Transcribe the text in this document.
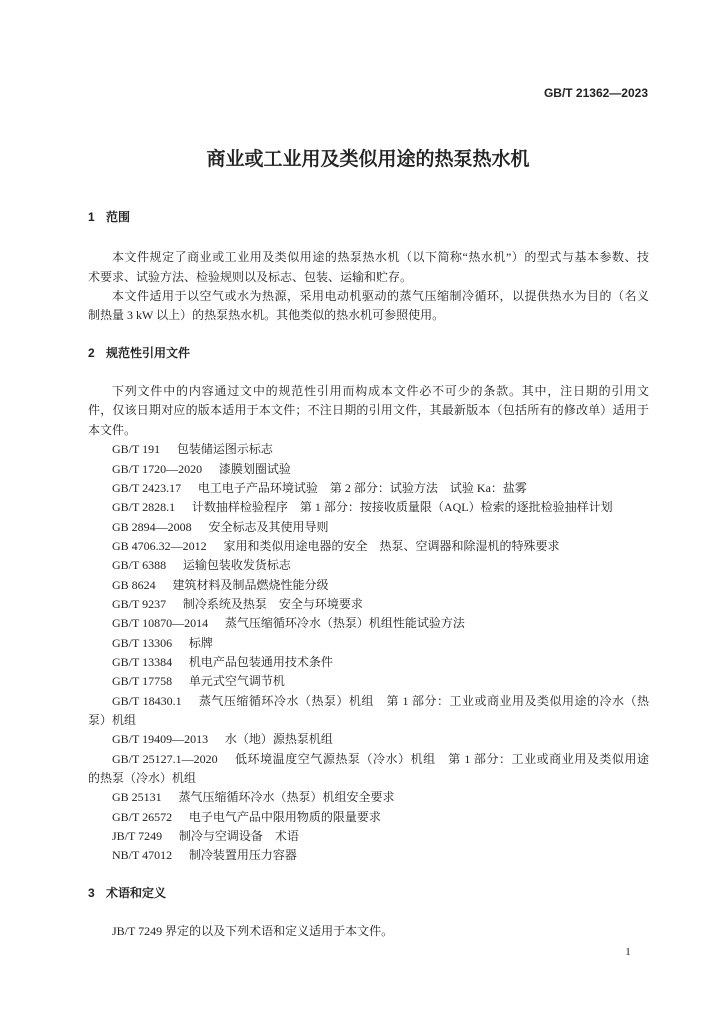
GB/T 21362—2023
商业或工业用及类似用途的热泵热水机
1 范围
本文件规定了商业或工业用及类似用途的热泵热水机（以下简称“热水机”）的型式与基本参数、技
术要求、试验方法、检验规则以及标志、包装、运输和贮存。
本文件适用于以空气或水为热源，采用电动机驱动的蒸气压缩制冷循环，以提供热水为目的（名义
制热量 3 kW 以上）的热泵热水机。其他类似的热水机可参照使用。
2 规范性引用文件
下列文件中的内容通过文中的规范性引用而构成本文件必不可少的条款。其中，注日期的引用文
件，仅该日期对应的版本适用于本文件；不注日期的引用文件，其最新版本（包括所有的修改单）适用于
本文件。
GB/T 191 包装储运图示标志
GB/T 1720—2020 漆膜划圈试验
GB/T 2423.17 电工电子产品环境试验　第 2 部分：试验方法　试验 Ka：盐雾
GB/T 2828.1 计数抽样检验程序　第 1 部分：按接收质量限（AQL）检索的逐批检验抽样计划
GB 2894—2008 安全标志及其使用导则
GB 4706.32—2012 家用和类似用途电器的安全　热泵、空调器和除湿机的特殊要求
GB/T 6388 运输包装收发货标志
GB 8624 建筑材料及制品燃烧性能分级
GB/T 9237 制冷系统及热泵　安全与环境要求
GB/T 10870—2014 蒸气压缩循环冷水（热泵）机组性能试验方法
GB/T 13306 标牌
GB/T 13384 机电产品包装通用技术条件
GB/T 17758 单元式空气调节机
GB/T 18430.1 蒸气压缩循环冷水（热泵）机组　第 1 部分：工业或商业用及类似用途的冷水（热
泵）机组
GB/T 19409—2013 水（地）源热泵机组
GB/T 25127.1—2020 低环境温度空气源热泵（冷水）机组　第 1 部分：工业或商业用及类似用途
的热泵（冷水）机组
GB 25131 蒸气压缩循环冷水（热泵）机组安全要求
GB/T 26572 电子电气产品中限用物质的限量要求
JB/T 7249 制冷与空调设备　术语
NB/T 47012 制冷装置用压力容器
3 术语和定义
JB/T 7249 界定的以及下列术语和定义适用于本文件。
1
